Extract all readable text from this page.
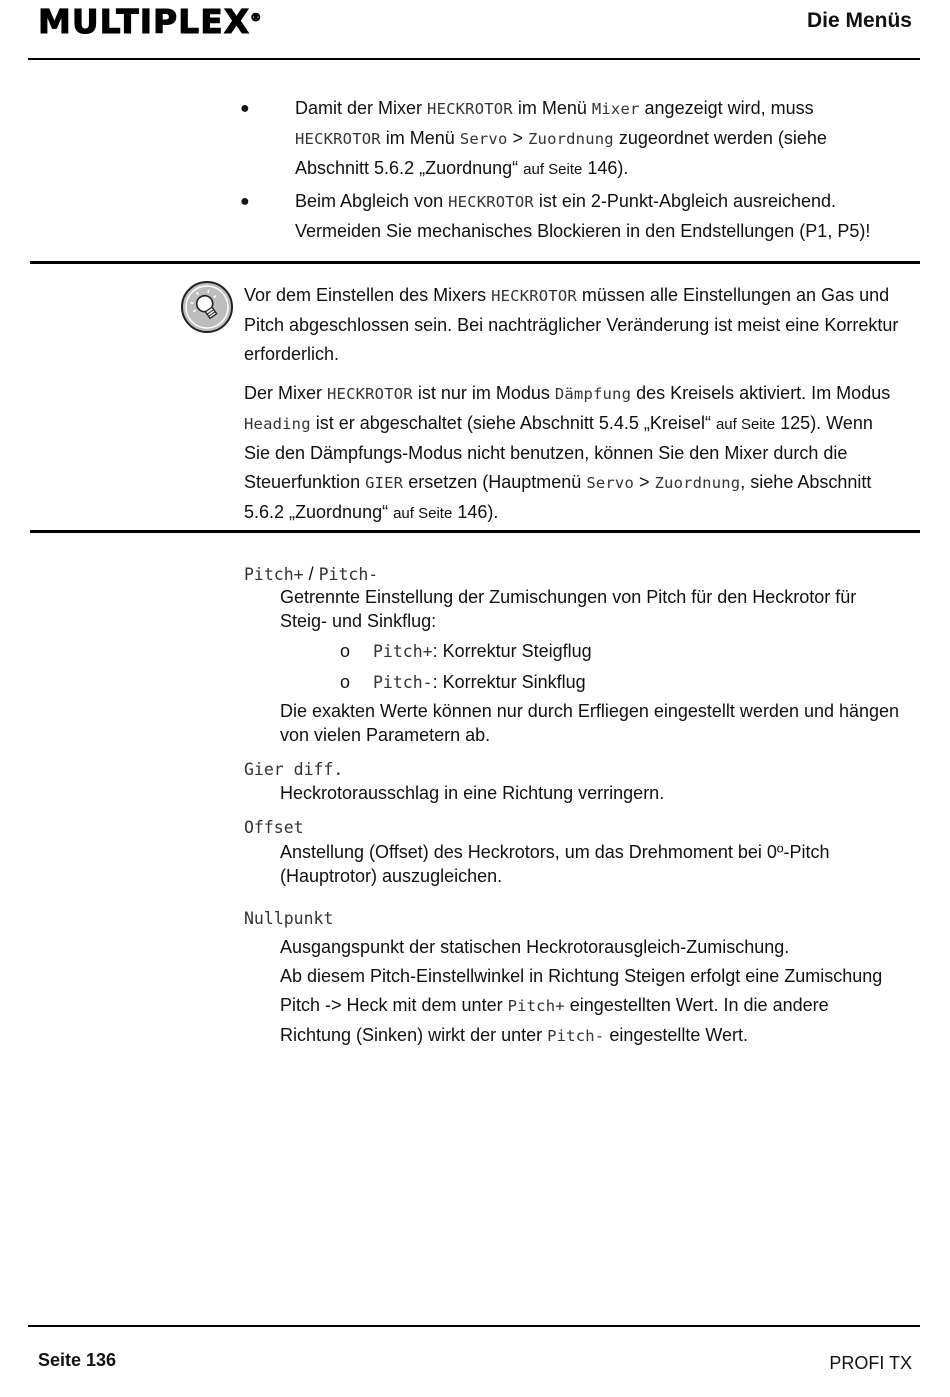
MULTIPLEX®	Die Menüs
●	Damit der Mixer HECKROTOR im Menü Mixer angezeigt wird, muss
HECKROTOR im Menü Servo > Zuordnung zugeordnet werden (siehe
Abschnitt 5.6.2 „Zuordnung“ auf Seite 146).
●	Beim Abgleich von HECKROTOR ist ein 2-Punkt-Abgleich ausreichend.
Vermeiden Sie mechanisches Blockieren in den Endstellungen (P1, P5)!
Vor dem Einstellen des Mixers HECKROTOR müssen alle Einstellungen an Gas und
Pitch abgeschlossen sein. Bei nachträglicher Veränderung ist meist eine Korrektur
erforderlich.
Der Mixer HECKROTOR ist nur im Modus Dämpfung des Kreisels aktiviert. Im Modus
Heading ist er abgeschaltet (siehe Abschnitt 5.4.5 „Kreisel“ auf Seite 125). Wenn
Sie den Dämpfungs-Modus nicht benutzen, können Sie den Mixer durch die
Steuerfunktion GIER ersetzen (Hauptmenü Servo > Zuordnung, siehe Abschnitt
5.6.2 „Zuordnung“ auf Seite 146).
Pitch+ / Pitch-
Getrennte Einstellung der Zumischungen von Pitch für den Heckrotor für
Steig- und Sinkflug:
o Pitch+: Korrektur Steigflug
o Pitch-: Korrektur Sinkflug
Die exakten Werte können nur durch Erfliegen eingestellt werden und hängen
von vielen Parametern ab.
Gier diff.
Heckrotorausschlag in eine Richtung verringern.
Offset
Anstellung (Offset) des Heckrotors, um das Drehmoment bei 0º-Pitch
(Hauptrotor) auszugleichen.
Nullpunkt
Ausgangspunkt der statischen Heckrotorausgleich-Zumischung.
Ab diesem Pitch-Einstellwinkel in Richtung Steigen erfolgt eine Zumischung
Pitch -> Heck mit dem unter Pitch+ eingestellten Wert. In die andere
Richtung (Sinken) wirkt der unter Pitch- eingestellte Wert.
Seite 136	PROFI TX
